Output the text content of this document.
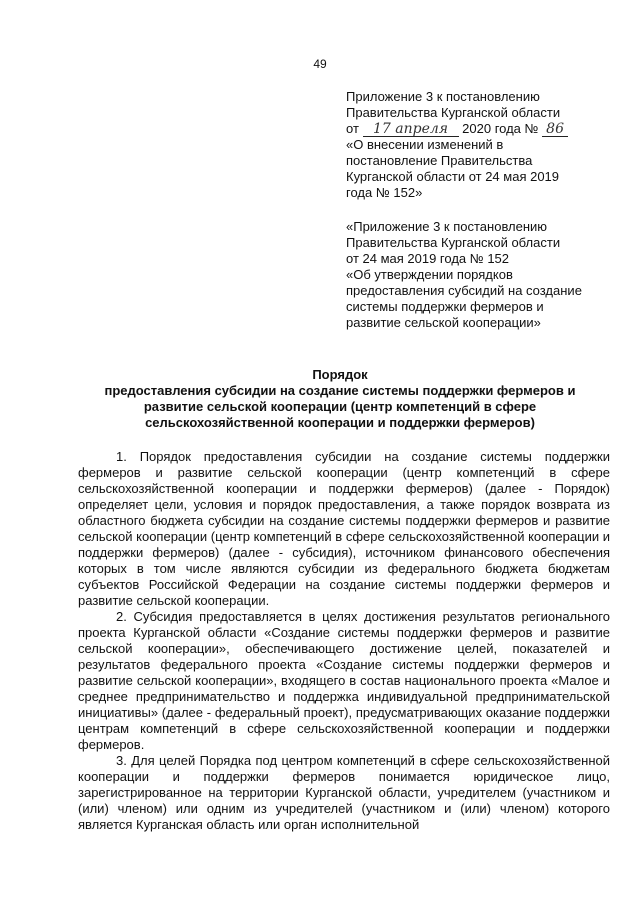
49
Приложение 3 к постановлению
Правительства Курганской области
от 17 апреля 2020 года № 86
«О внесении изменений в
постановление Правительства
Курганской области от 24 мая 2019
года № 152»
«Приложение 3 к постановлению
Правительства Курганской области
от 24 мая 2019 года № 152
«Об утверждении порядков
предоставления субсидий на создание
системы поддержки фермеров и
развитие сельской кооперации»
Порядок
предоставления субсидии на создание системы поддержки фермеров и
развитие сельской кооперации (центр компетенций в сфере
сельскохозяйственной кооперации и поддержки фермеров)

1. Порядок предоставления субсидии на создание системы поддержки фермеров и развитие сельской кооперации (центр компетенций в сфере сельскохозяйственной кооперации и поддержки фермеров) (далее - Порядок) определяет цели, условия и порядок предоставления, а также порядок возврата из областного бюджета субсидии на создание системы поддержки фермеров и развитие сельской кооперации (центр компетенций в сфере сельскохозяйственной кооперации и поддержки фермеров) (далее - субсидия), источником финансового обеспечения которых в том числе являются субсидии из федерального бюджета бюджетам субъектов Российской Федерации на создание системы поддержки фермеров и развитие сельской кооперации.

2. Субсидия предоставляется в целях достижения результатов регионального проекта Курганской области «Создание системы поддержки фермеров и развитие сельской кооперации», обеспечивающего достижение целей, показателей и результатов федерального проекта «Создание системы поддержки фермеров и развитие сельской кооперации», входящего в состав национального проекта «Малое и среднее предпринимательство и поддержка индивидуальной предпринимательской инициативы» (далее - федеральный проект), предусматривающих оказание поддержки центрам компетенций в сфере сельскохозяйственной кооперации и поддержки фермеров.

3. Для целей Порядка под центром компетенций в сфере сельскохозяйственной кооперации и поддержки фермеров понимается юридическое лицо, зарегистрированное на территории Курганской области, учредителем (участником и (или) членом) или одним из учредителей (участником и (или) членом) которого является Курганская область или орган исполнительной
